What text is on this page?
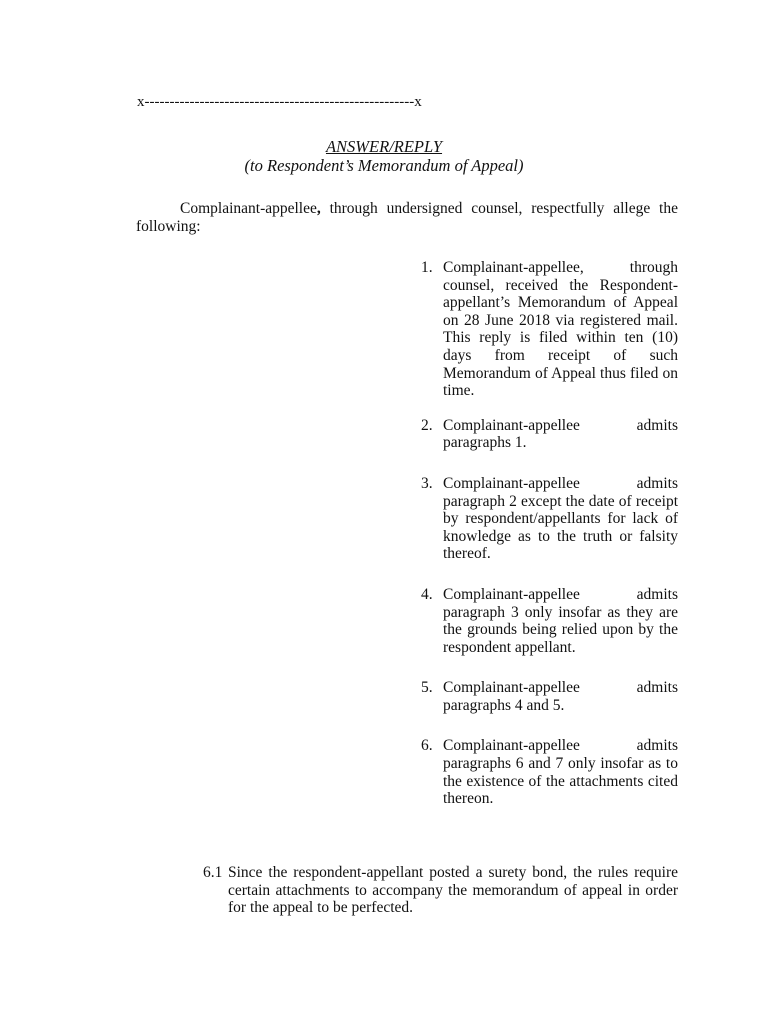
x------------------------------------------------------x
ANSWER/REPLY
(to Respondent’s Memorandum of Appeal)
Complainant-appellee, through undersigned counsel, respectfully allege the following:
1. Complainant-appellee, through counsel, received the Respondent-appellant’s Memorandum of Appeal on 28 June 2018 via registered mail. This reply is filed within ten (10) days from receipt of such Memorandum of Appeal thus filed on time.
2. Complainant-appellee admits paragraphs 1.
3. Complainant-appellee admits paragraph 2 except the date of receipt by respondent/appellants for lack of knowledge as to the truth or falsity thereof.
4. Complainant-appellee admits paragraph 3 only insofar as they are the grounds being relied upon by the respondent appellant.
5. Complainant-appellee admits paragraphs 4 and 5.
6. Complainant-appellee admits paragraphs 6 and 7 only insofar as to the existence of the attachments cited thereon.
6.1 Since the respondent-appellant posted a surety bond, the rules require certain attachments to accompany the memorandum of appeal in order for the appeal to be perfected.
